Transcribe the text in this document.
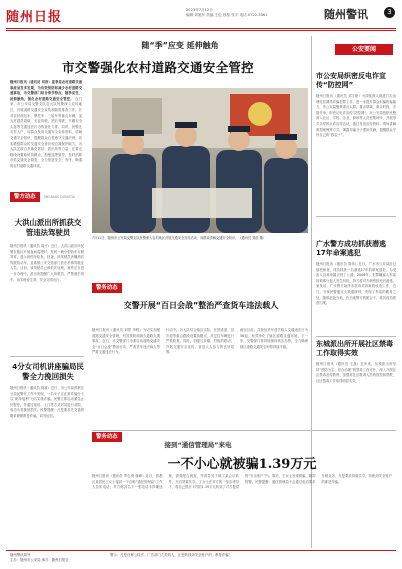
随州日报	2023年7月12日
编辑 刘旭东 美编 王伦 校检 张平 电话 0722-3361	随州警讯	3
随“季”应变 延伸触角
市交警强化农村道路交通安全管控
随州日报讯（通讯员 刘浩）夏季是农村道路交通事故易发多发期，为有效预防和减少农村道路交通事故，市交警部门结合季节特点，随季应变，延伸触角，强化农村道路交通安全管控。 连日来，市公安局交警支队各大队民警深入农村地区，开展道路交通安全宣传和隐患排查工作，针对农村面包车、摩托车、三轮车等重点车辆，加大对超员超载、无证驾驶、酒后驾驶、不戴安全头盔等交通违法行为的查处力度。同时，民警还走村入户，向群众发放交通安全宣传资料，讲解交通安全知识，提醒群众自觉遵守交通法规，切实增强群众的交通安全意识和自我保护能力。各大队还联合乡镇交管站、派出所等力量，在重点路段设置临时执勤点，加强巡逻管控，及时消除各类交通安全隐患，全力营造安全、有序、畅通的农村道路交通环境。
7月11日，随州市公安局交警支队民警深入农村地区开展交通安全宣传活动，向群众讲解交通安全知识。（通讯员 刘浩 摄）
公安要闻
市公安局织密反电诈宣传“防控网”
随州日报讯（通讯员 刘宇豪）为持续深入推进打击治理电信网络诈骗犯罪工作，进一步提升群众识骗防骗能力，市公安局聚焦重点人群、重点领域、重点时段，多措并举，织密反电诈宣传“防控网”。市公安局组织民警深入社区、学校、企业、商场等人员密集场所，开展形式多样的反诈宣传活动，通过发放宣传资料、现场讲解典型案例等方式，揭露诈骗分子惯用伎俩，提醒群众守好自己的“钱袋子”。
广水警方成功抓获潜逃17年命案逃犯
随州日报讯（通讯员 陈伟）近日，广水市公安局经过缜密侦查，成功抓获一名潜逃17年的命案逃犯，为受害人及其家属讨回了公道。2006年，犯罪嫌疑人李某因琐事与他人发生纠纷，持刀将对方刺伤致死后潜逃。案发后，广水警方始终未放弃对该案的侦查工作，近日，专案民警通过大数据研判，发现了李某的藏身之处，随即赶赴当地，在当地警方的配合下，将其成功抓获归案。
东城派出所开展社区禁毒工作取得实效
随州日报讯（通讯员 王磊）近年来，东城派出所坚持“预防为主、综合治理”的禁毒工作方针，深入开展社区禁毒宣传教育，加强对社区吸毒人员的管控和帮教，社区禁毒工作取得明显实效。
警方动态	JINGFANG DONGTAI
大洪山派出所抓获交管违法驾驶员
随州日报讯（通讯员 周行）近日，大洪山派出所民警在辖区开展夜间巡逻时，发现一辆小型轿车行驶异常，遂示意停车检查。经查，该驾驶员涉嫌酒后驾驶机动车，且系被公安交管部门依法吊销驾驶证人员。目前，该驾驶员已被依法处理，案件正在进一步办理中。派出所提醒广大驾驶员，严禁酒后驾车，切实珍爱生命，安全文明出行。
4分女司机讲座骗局民警全力挽回损失
随州日报讯（通讯员 周斌）近日，市公安局曾都区分局民警在工作中发现，一名女子正在被诈骗分子以“刷单返利”为名实施诈骗。民警立即启动紧急止付程序，并通过电话、上门等方式对其进行劝阻，成功为其挽回损失。民警提醒：凡是要求先交钱的刷单兼职都是诈骗，切勿轻信。
警务动态
交警开展“百日会战”整治严查货车违法载人
随州日报讯（通讯员 刘思 李程）为切实加强道路交通安全管理，有效预防和减少道路交通事故，近日，市交警部门全面启动道路交通安全“百日会战”整治行动，严查货车违法载人等严重交通违法行为。
行动中，各大队结合辖区实际，在国省道、县乡道等重点路段设置执勤点，对过往车辆进行严格检查。同时，加强与乡镇、村组的联动，开展交通安全宣传，营造人人参与的良好氛围。
截至目前，共查处货车违法载人交通违法行为56起，有效净化了辖区道路交通环境。下一步，交警部门将持续保持高压态势，全力确保辖区道路交通安全形势持续平稳。
警务动态
接到“通信管理局”来电
一不小心就被骗1.39万元
随州日报讯（通讯员 罗志勇 谢峰）近日，曾都区某居民王女士接到一个自称“通信管理局”工作人员的电话，对方称其名下一张电话卡涉嫌违规，需要配合调查，并诱导其下载了某会议软件，开启屏幕共享。王女士在对方的一步步诱导下，将自己银行卡内的1.39万元转到了对方提供的“安全账户”内。事后，王女士发现被骗，随即报警。民警提醒：通信管理局不会通过电话要求办理业务，凡是要求屏幕共享、转账到安全账户的都是诈骗。
随州警讯周刊
主办：随州市公安局 承办：随州日报社
警示：凡是自称公检法、广告部门之类的人，让您转钱到安全账户的，都是诈骗！
